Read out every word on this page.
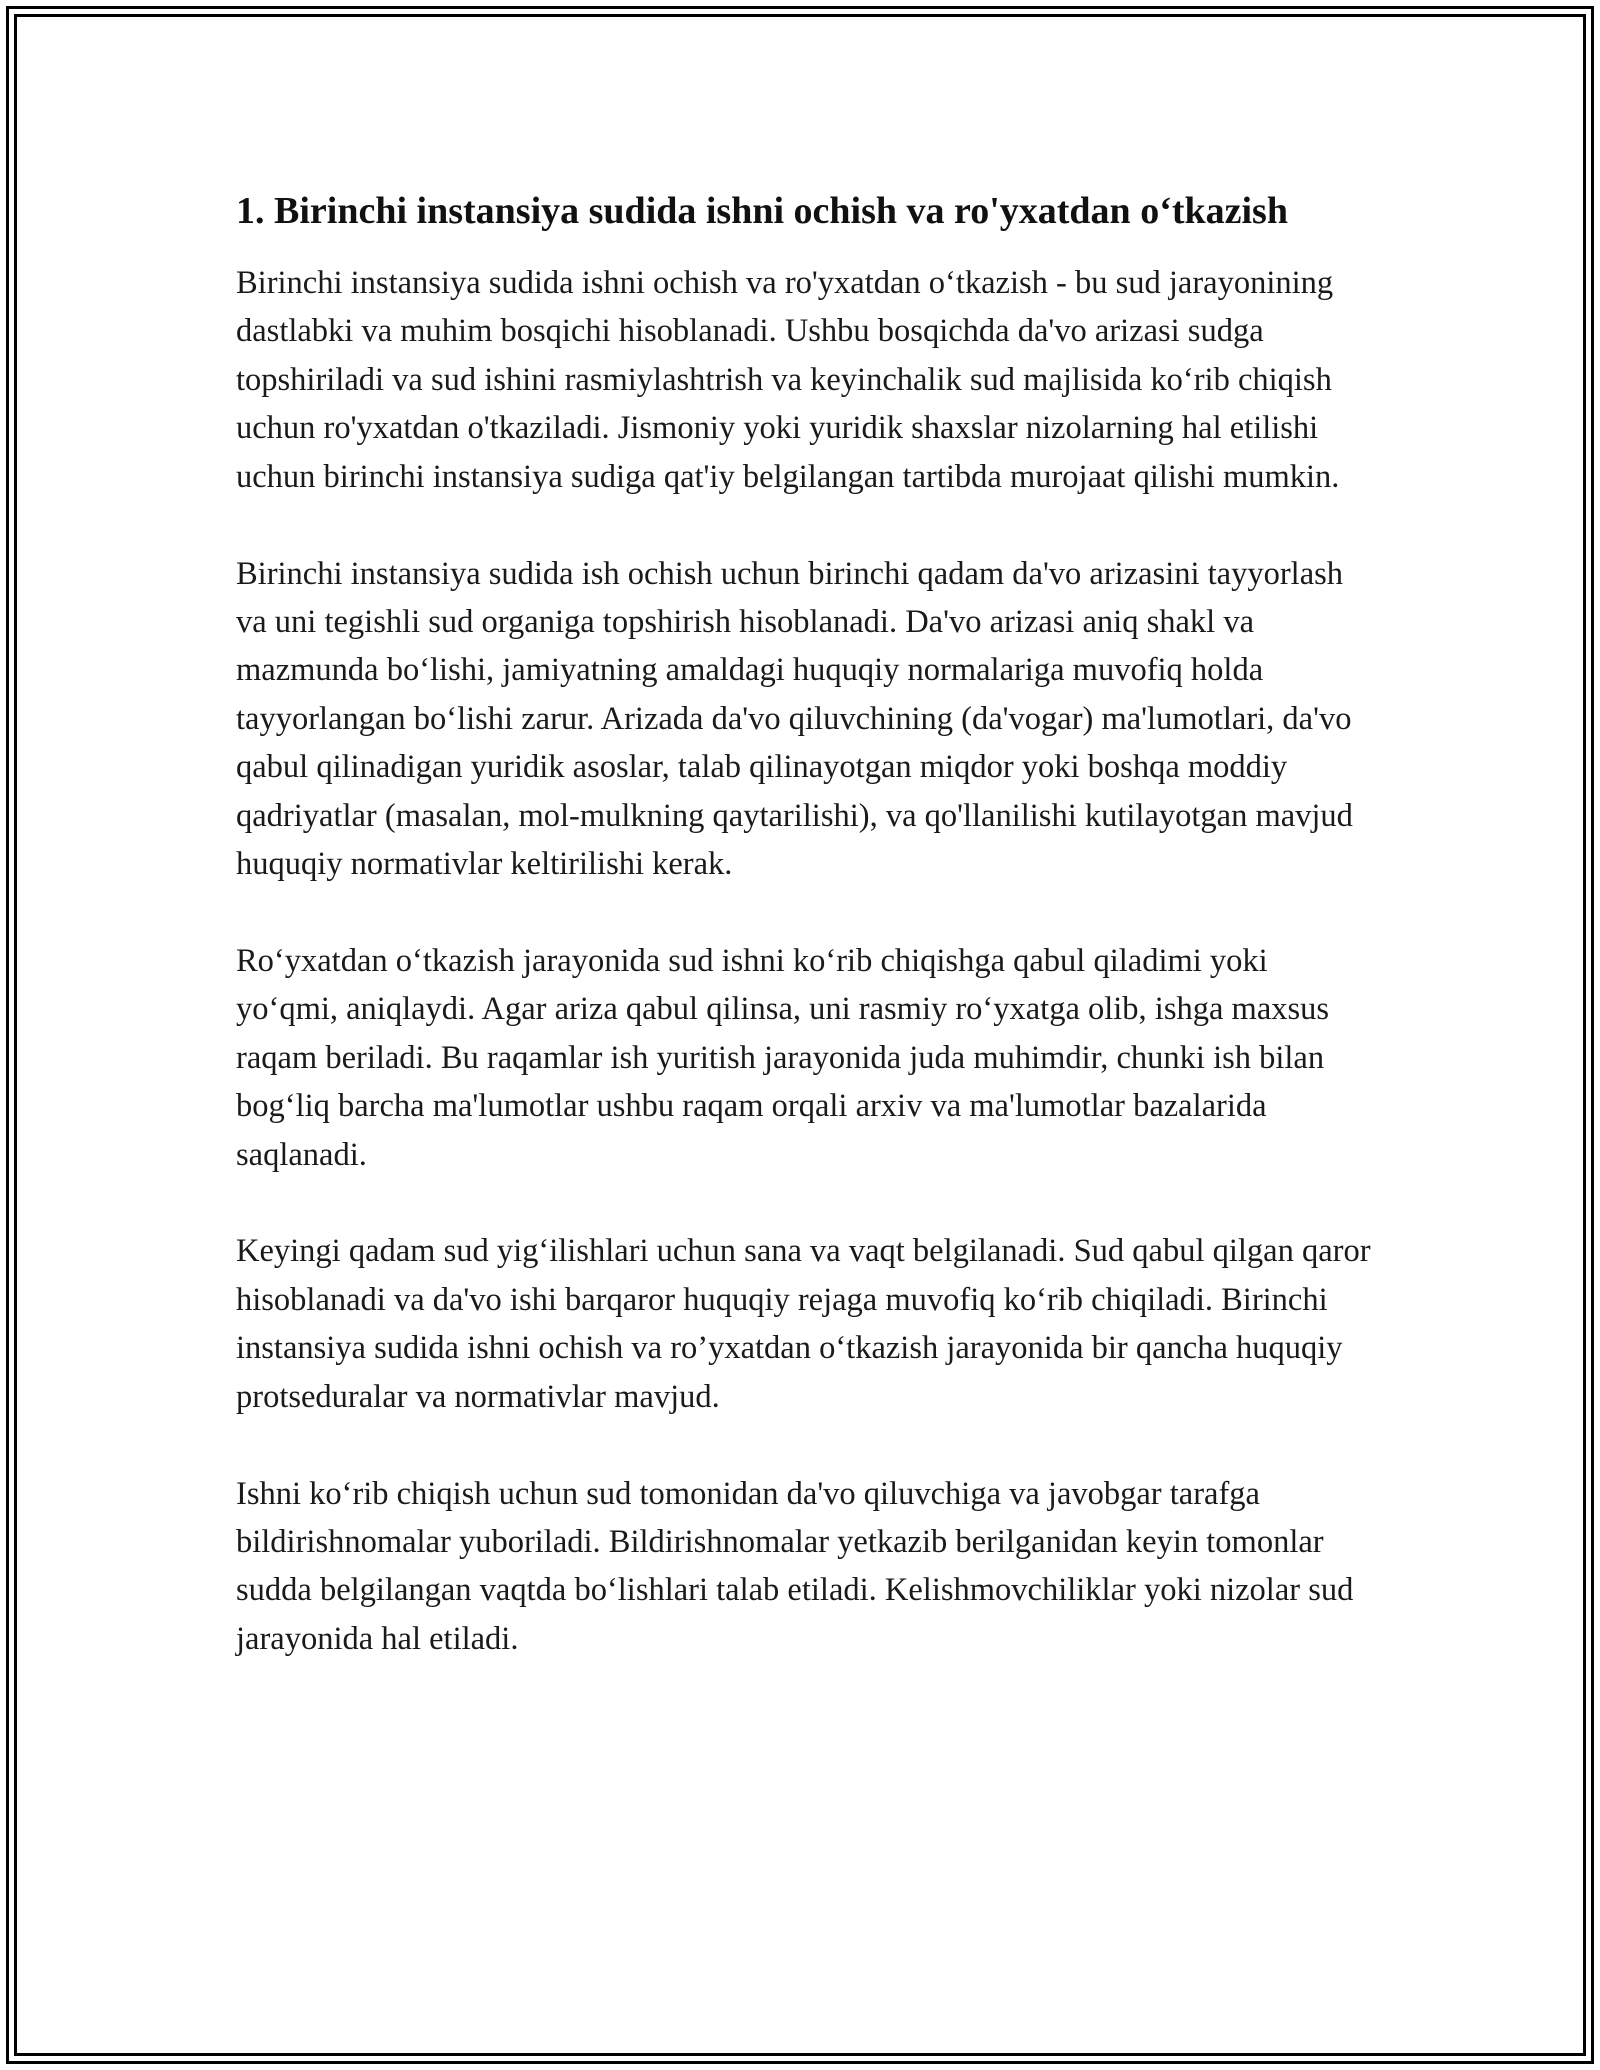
1. Birinchi instansiya sudida ishni ochish va ro'yxatdan o‘tkazish

Birinchi instansiya sudida ishni ochish va ro'yxatdan o‘tkazish - bu sud jarayonining dastlabki va muhim bosqichi hisoblanadi. Ushbu bosqichda da'vo arizasi sudga topshiriladi va sud ishini rasmiylashtrish va keyinchalik sud majlisida ko‘rib chiqish uchun ro'yxatdan o'tkaziladi. Jismoniy yoki yuridik shaxslar nizolarning hal etilishi uchun birinchi instansiya sudiga qat'iy belgilangan tartibda murojaat qilishi mumkin.

Birinchi instansiya sudida ish ochish uchun birinchi qadam da'vo arizasini tayyorlash va uni tegishli sud organiga topshirish hisoblanadi. Da'vo arizasi aniq shakl va mazmunda bo‘lishi, jamiyatning amaldagi huquqiy normalariga muvofiq holda tayyorlangan bo‘lishi zarur. Arizada da'vo qiluvchining (da'vogar) ma'lumotlari, da'vo qabul qilinadigan yuridik asoslar, talab qilinayotgan miqdor yoki boshqa moddiy qadriyatlar (masalan, mol-mulkning qaytarilishi), va qo'llanilishi kutilayotgan mavjud huquqiy normativlar keltirilishi kerak.

Ro‘yxatdan o‘tkazish jarayonida sud ishni ko‘rib chiqishga qabul qiladimi yoki yo‘qmi, aniqlaydi. Agar ariza qabul qilinsa, uni rasmiy ro‘yxatga olib, ishga maxsus raqam beriladi. Bu raqamlar ish yuritish jarayonida juda muhimdir, chunki ish bilan bog‘liq barcha ma'lumotlar ushbu raqam orqali arxiv va ma'lumotlar bazalarida saqlanadi.

Keyingi qadam sud yig‘ilishlari uchun sana va vaqt belgilanadi. Sud qabul qilgan qaror hisoblanadi va da'vo ishi barqaror huquqiy rejaga muvofiq ko‘rib chiqiladi. Birinchi instansiya sudida ishni ochish va ro’yxatdan o‘tkazish jarayonida bir qancha huquqiy protseduralar va normativlar mavjud.

Ishni ko‘rib chiqish uchun sud tomonidan da'vo qiluvchiga va javobgar tarafga bildirishnomalar yuboriladi. Bildirishnomalar yetkazib berilganidan keyin tomonlar sudda belgilangan vaqtda bo‘lishlari talab etiladi. Kelishmovchiliklar yoki nizolar sud jarayonida hal etiladi.
